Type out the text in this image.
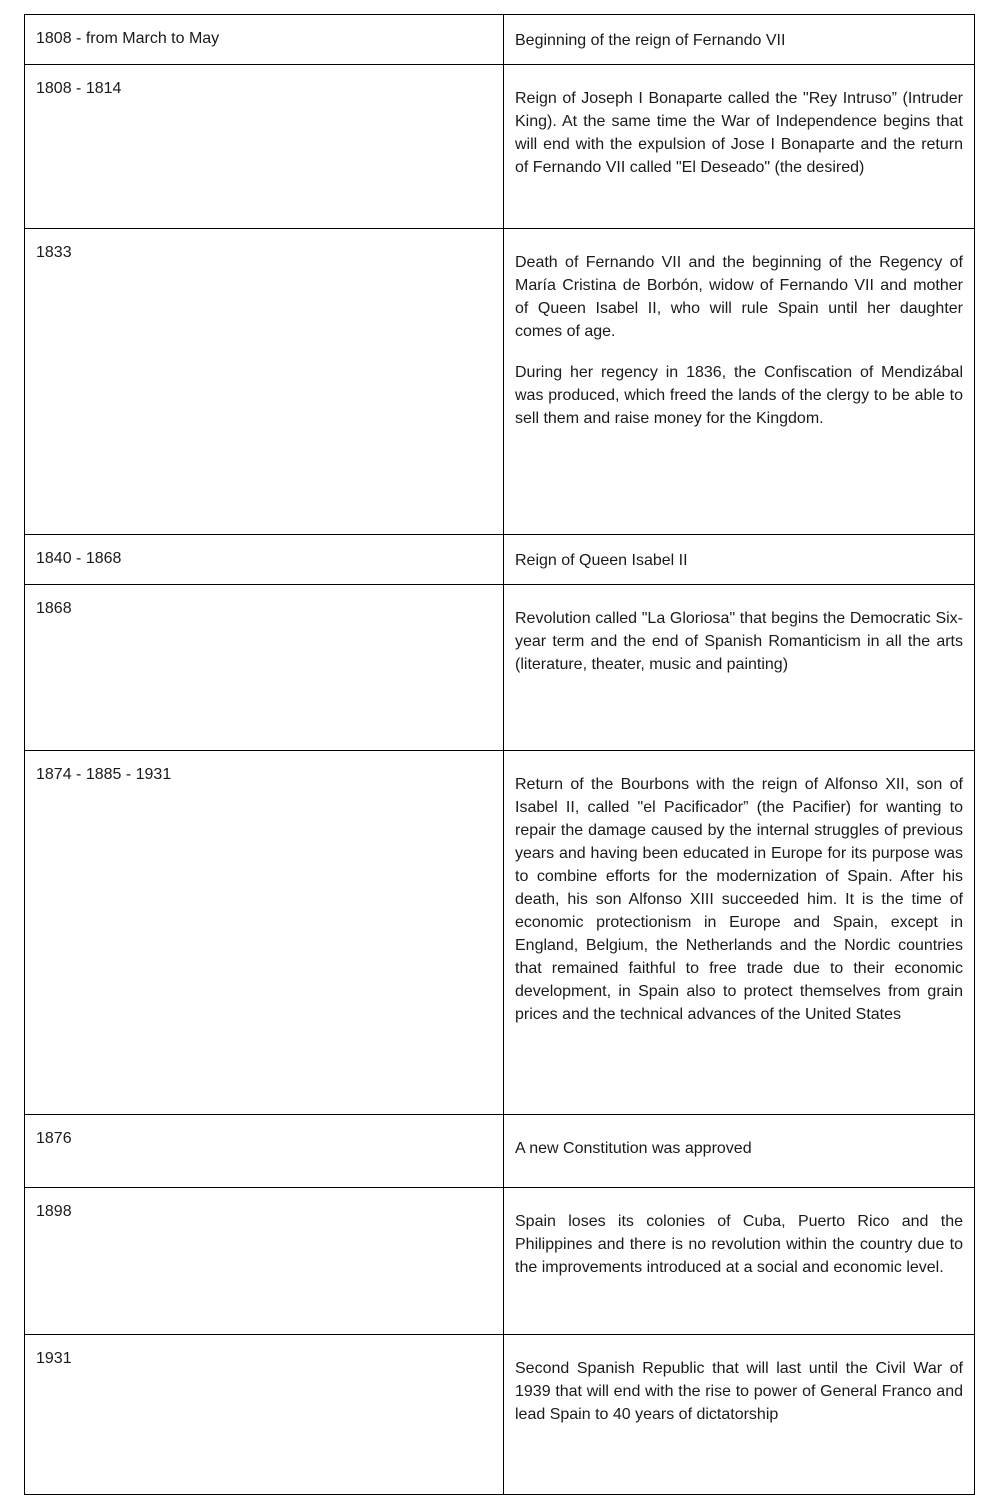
1808 - from March to May	Beginning of the reign of Fernando VII

1808 - 1814	Reign of Joseph I Bonaparte called the "Rey Intruso” (Intruder King). At the same time the War of Independence begins that will end with the expulsion of Jose I Bonaparte and the return of Fernando VII called "El Deseado" (the desired)

1833	Death of Fernando VII and the beginning of the Regency of María Cristina de Borbón, widow of Fernando VII and mother of Queen Isabel II, who will rule Spain until her daughter comes of age.

During her regency in 1836, the Confiscation of Mendizábal was produced, which freed the lands of the clergy to be able to sell them and raise money for the Kingdom.

1840 - 1868	Reign of Queen Isabel II

1868	Revolution called "La Gloriosa" that begins the Democratic Six-year term and the end of Spanish Romanticism in all the arts (literature, theater, music and painting)

1874 - 1885 - 1931	Return of the Bourbons with the reign of Alfonso XII, son of Isabel II, called "el Pacificador” (the Pacifier) for wanting to repair the damage caused by the internal struggles of previous years and having been educated in Europe for its purpose was to combine efforts for the modernization of Spain. After his death, his son Alfonso XIII succeeded him. It is the time of economic protectionism in Europe and Spain, except in England, Belgium, the Netherlands and the Nordic countries that remained faithful to free trade due to their economic development, in Spain also to protect themselves from grain prices and the technical advances of the United States

1876	A new Constitution was approved

1898	Spain loses its colonies of Cuba, Puerto Rico and the Philippines and there is no revolution within the country due to the improvements introduced at a social and economic level.

1931	Second Spanish Republic that will last until the Civil War of 1939 that will end with the rise to power of General Franco and lead Spain to 40 years of dictatorship
